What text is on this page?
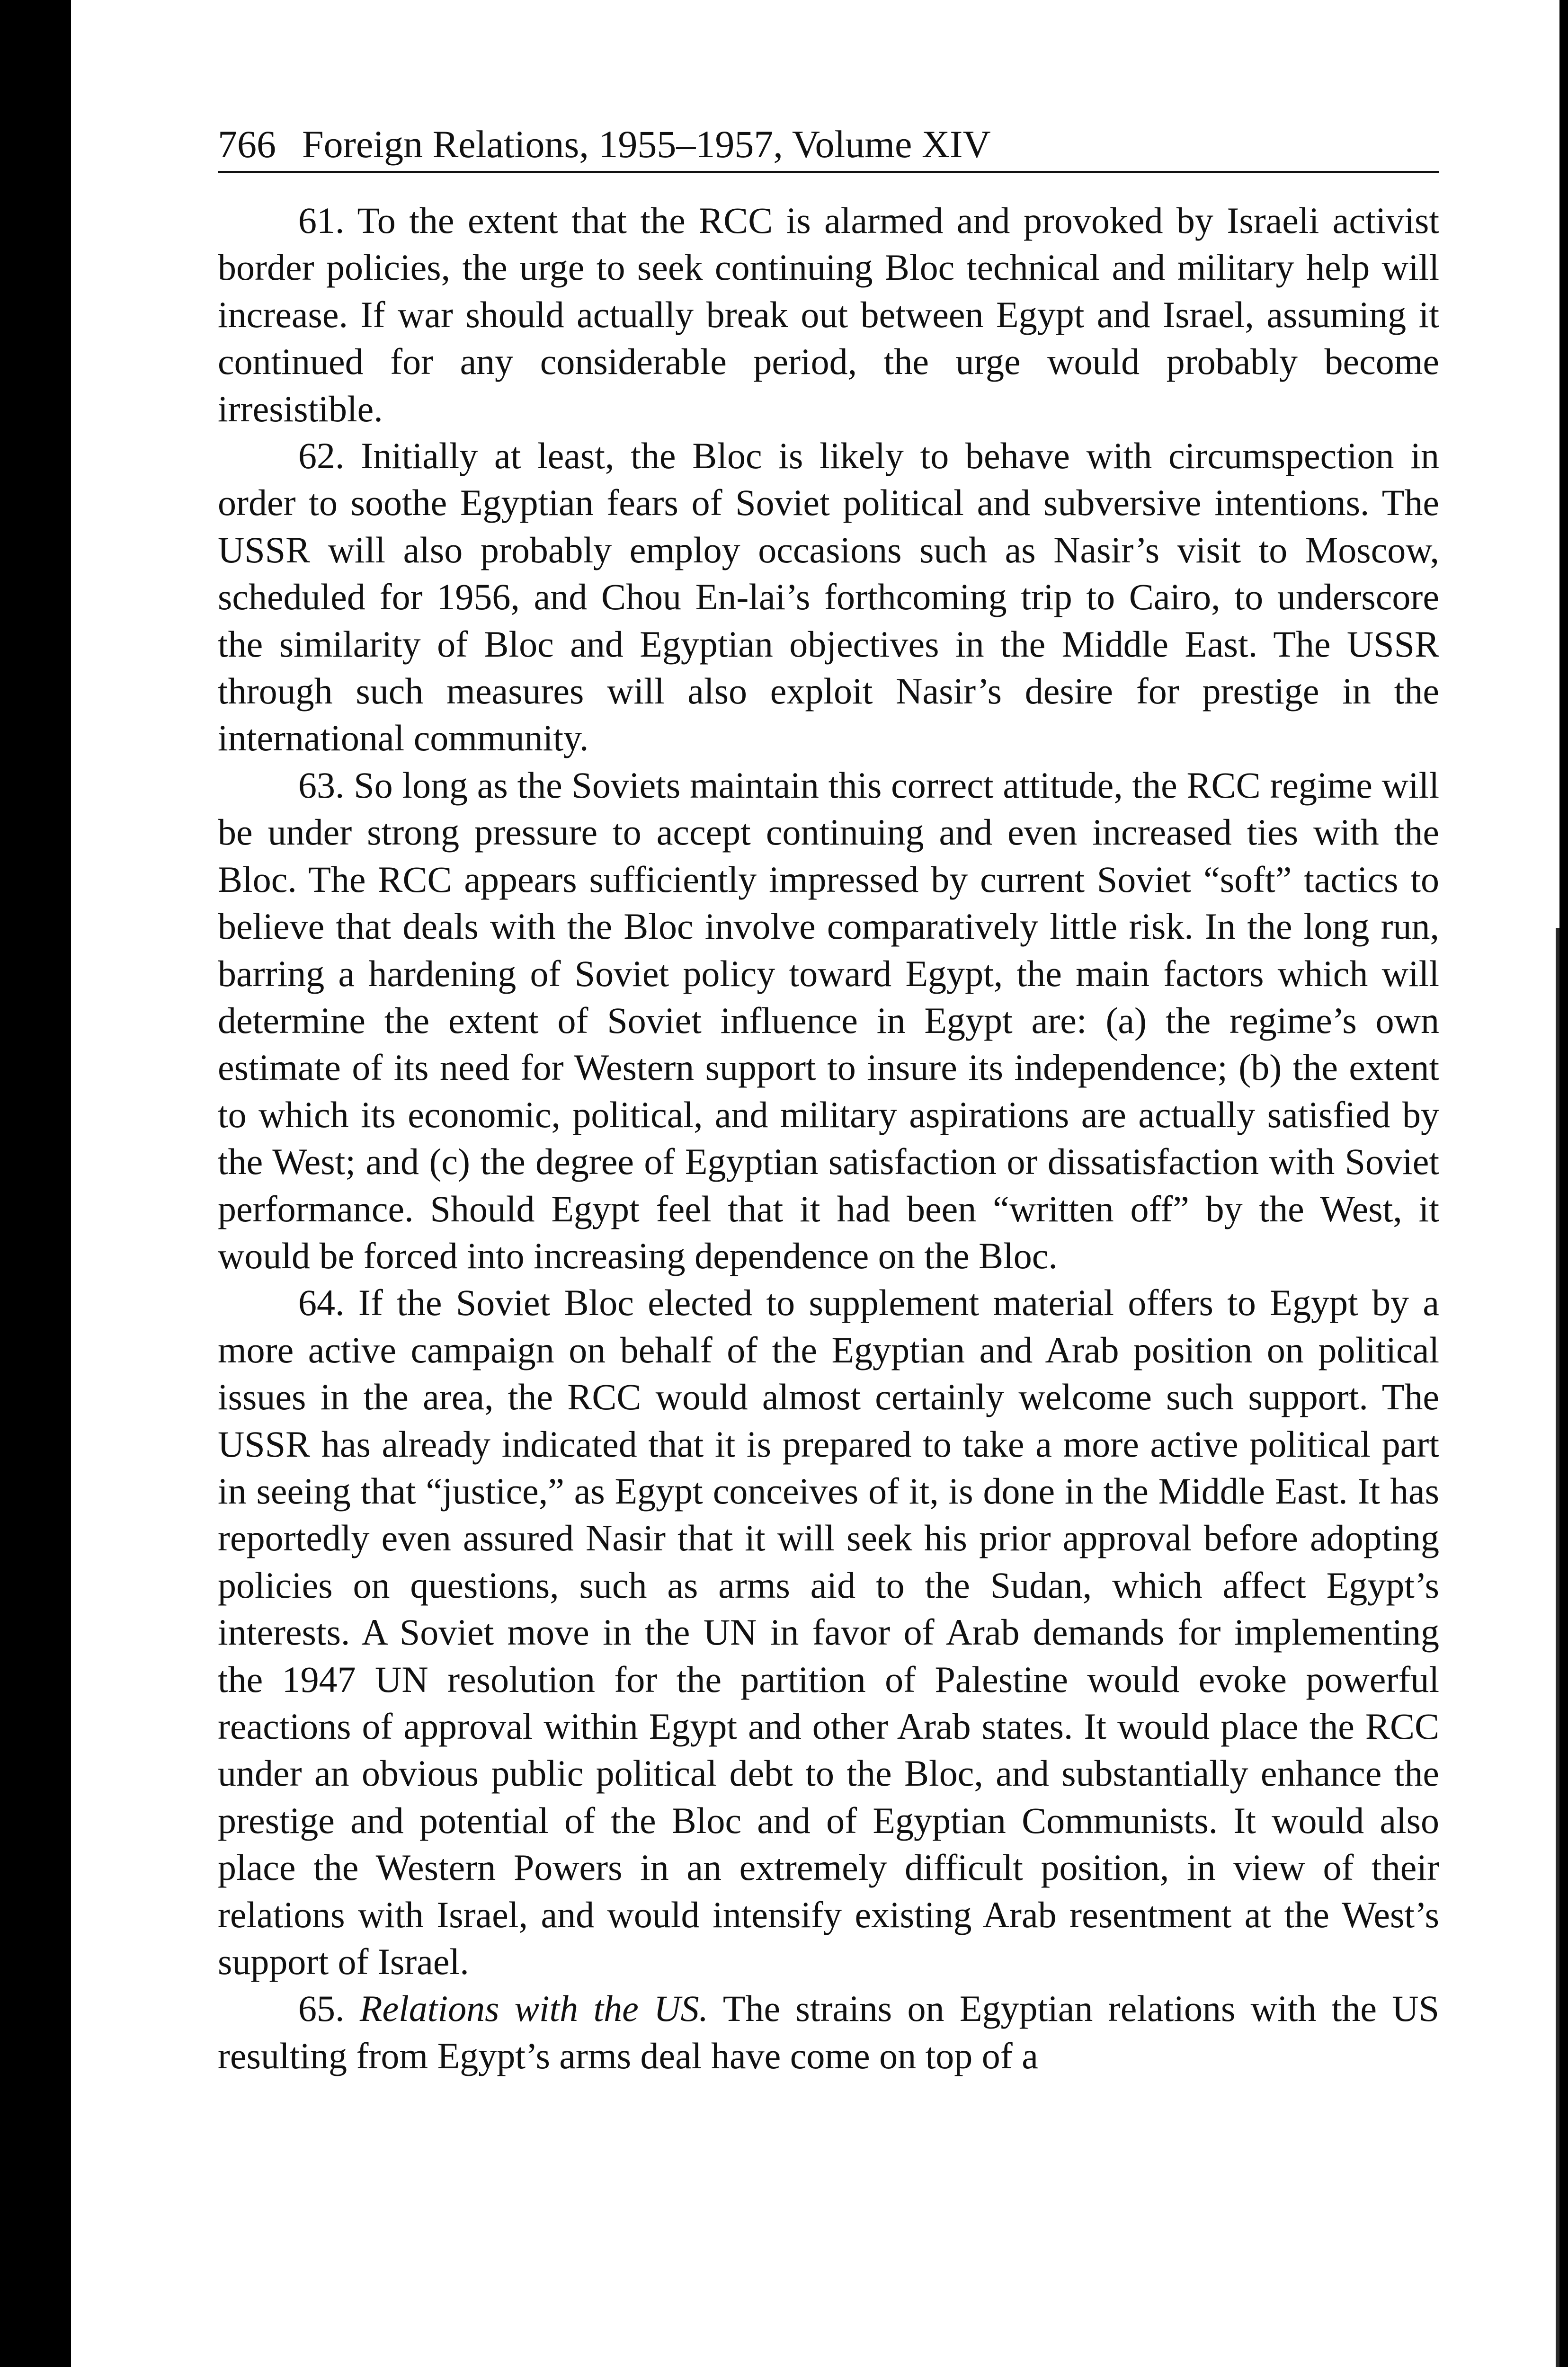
766 Foreign Relations, 1955–1957, Volume XIV

61. To the extent that the RCC is alarmed and provoked by Israeli activist border policies, the urge to seek continuing Bloc technical and military help will increase. If war should actually break out between Egypt and Israel, assuming it continued for any considerable period, the urge would probably become irresistible.

62. Initially at least, the Bloc is likely to behave with circumspection in order to soothe Egyptian fears of Soviet political and subversive intentions. The USSR will also probably employ occasions such as Nasir’s visit to Moscow, scheduled for 1956, and Chou En-lai’s forthcoming trip to Cairo, to underscore the similarity of Bloc and Egyptian objectives in the Middle East. The USSR through such measures will also exploit Nasir’s desire for prestige in the international community.

63. So long as the Soviets maintain this correct attitude, the RCC regime will be under strong pressure to accept continuing and even increased ties with the Bloc. The RCC appears sufficiently impressed by current Soviet “soft” tactics to believe that deals with the Bloc involve comparatively little risk. In the long run, barring a hardening of Soviet policy toward Egypt, the main factors which will determine the extent of Soviet influence in Egypt are: (a) the regime’s own estimate of its need for Western support to insure its independence; (b) the extent to which its economic, political, and military aspirations are actually satisfied by the West; and (c) the degree of Egyptian satisfaction or dissatisfaction with Soviet performance. Should Egypt feel that it had been “written off” by the West, it would be forced into increasing dependence on the Bloc.

64. If the Soviet Bloc elected to supplement material offers to Egypt by a more active campaign on behalf of the Egyptian and Arab position on political issues in the area, the RCC would almost certainly welcome such support. The USSR has already indicated that it is prepared to take a more active political part in seeing that “justice,” as Egypt conceives of it, is done in the Middle East. It has reportedly even assured Nasir that it will seek his prior approval before adopting policies on questions, such as arms aid to the Sudan, which affect Egypt’s interests. A Soviet move in the UN in favor of Arab demands for implementing the 1947 UN resolution for the partition of Palestine would evoke powerful reactions of approval within Egypt and other Arab states. It would place the RCC under an obvious public political debt to the Bloc, and substantially enhance the prestige and potential of the Bloc and of Egyptian Communists. It would also place the Western Powers in an extremely difficult position, in view of their relations with Israel, and would intensify existing Arab resentment at the West’s support of Israel.

65. Relations with the US. The strains on Egyptian relations with the US resulting from Egypt’s arms deal have come on top of a
